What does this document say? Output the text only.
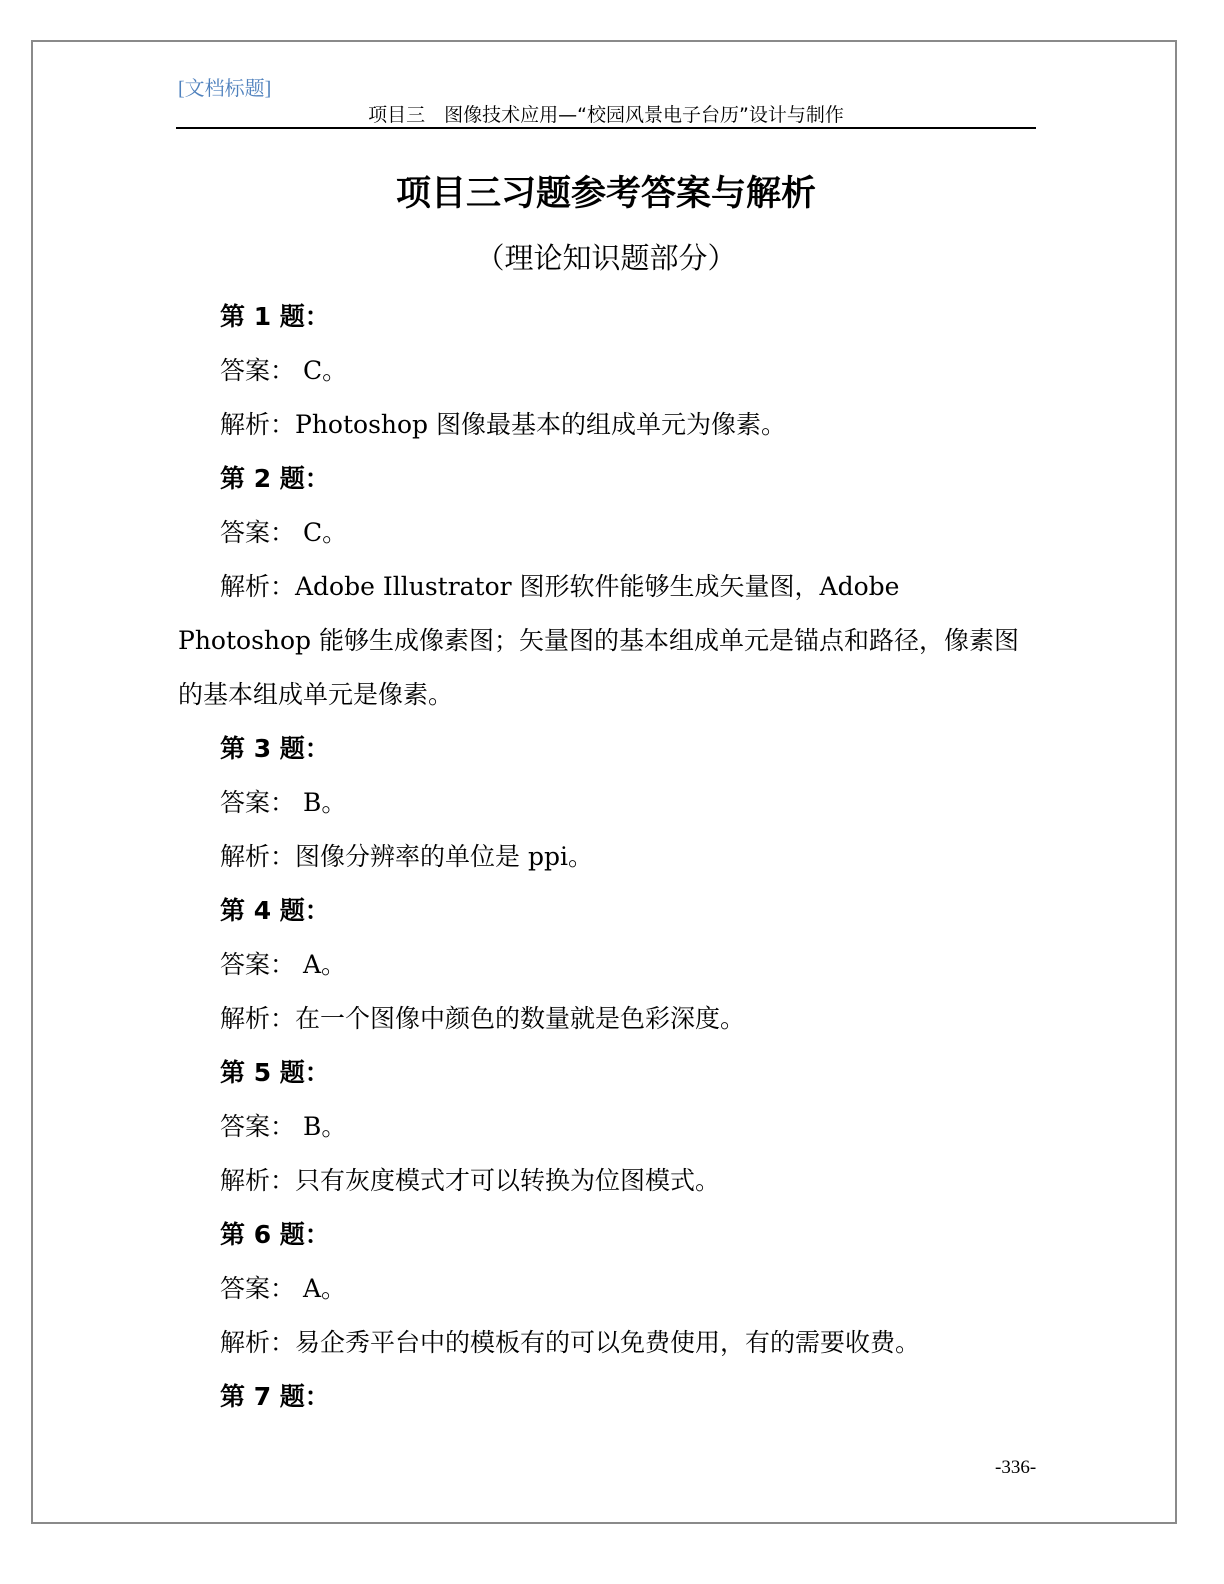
[文档标题]
项目三　图像技术应用—“校园风景电子台历”设计与制作
项目三习题参考答案与解析
（理论知识题部分）
第 1 题：
答案： C。
解析：Photoshop 图像最基本的组成单元为像素。
第 2 题：
答案： C。
解析：Adobe Illustrator 图形软件能够生成矢量图，Adobe Photoshop 能够生成像素图；矢量图的基本组成单元是锚点和路径，像素图的基本组成单元是像素。
第 3 题：
答案： B。
解析：图像分辨率的单位是 ppi。
第 4 题：
答案： A。
解析：在一个图像中颜色的数量就是色彩深度。
第 5 题：
答案： B。
解析：只有灰度模式才可以转换为位图模式。
第 6 题：
答案： A。
解析：易企秀平台中的模板有的可以免费使用，有的需要收费。
第 7 题：
-336-
